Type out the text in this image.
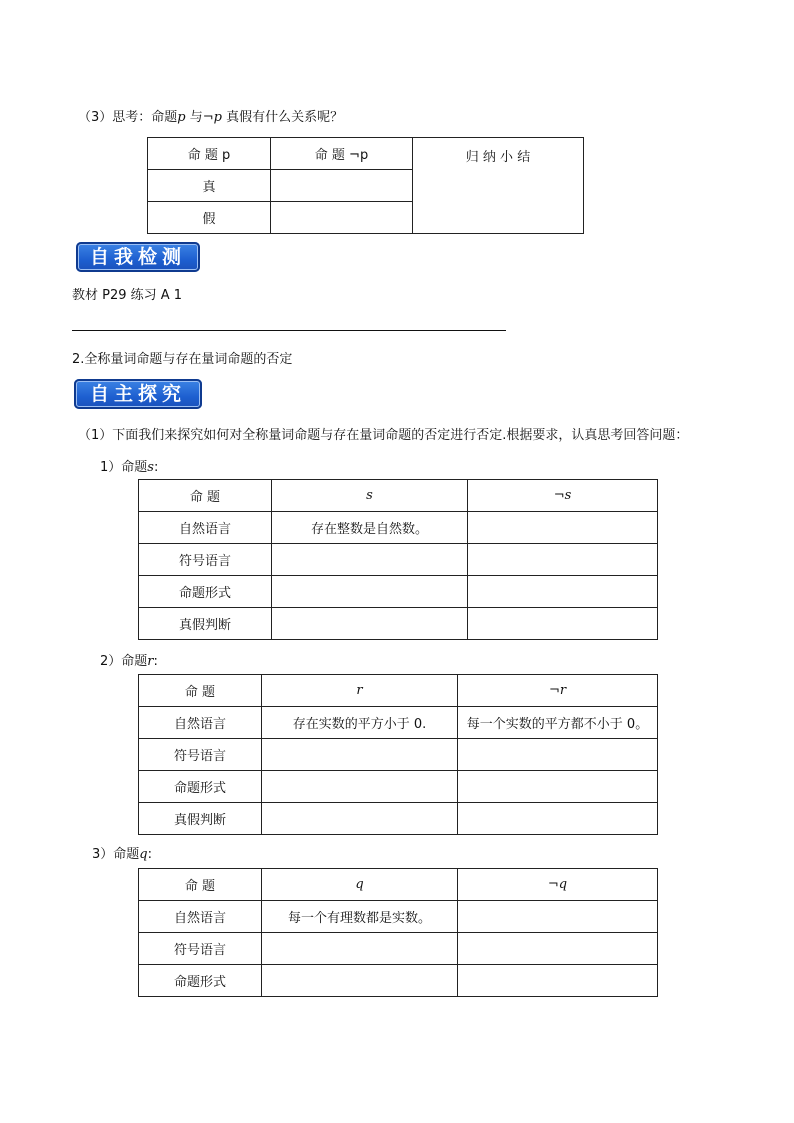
（3）思考：命题p 与¬p 真假有什么关系呢？
命 题 p	命 题 ¬p	归 纳 小 结
真		
假		
自我检测
教材 P29 练习 A 1
2.全称量词命题与存在量词命题的否定
自主探究
（1）下面我们来探究如何对全称量词命题与存在量词命题的否定进行否定.根据要求，认真思考回答问题：
1）命题s:
命 题	s	¬s
自然语言	存在整数是自然数。	
符号语言		
命题形式		
真假判断		
2）命题r:
命 题	r	¬r
自然语言	存在实数的平方小于 0.	每一个实数的平方都不小于 0。
符号语言		
命题形式		
真假判断		
3）命题q:
命 题	q	¬q
自然语言	每一个有理数都是实数。	
符号语言		
命题形式		
